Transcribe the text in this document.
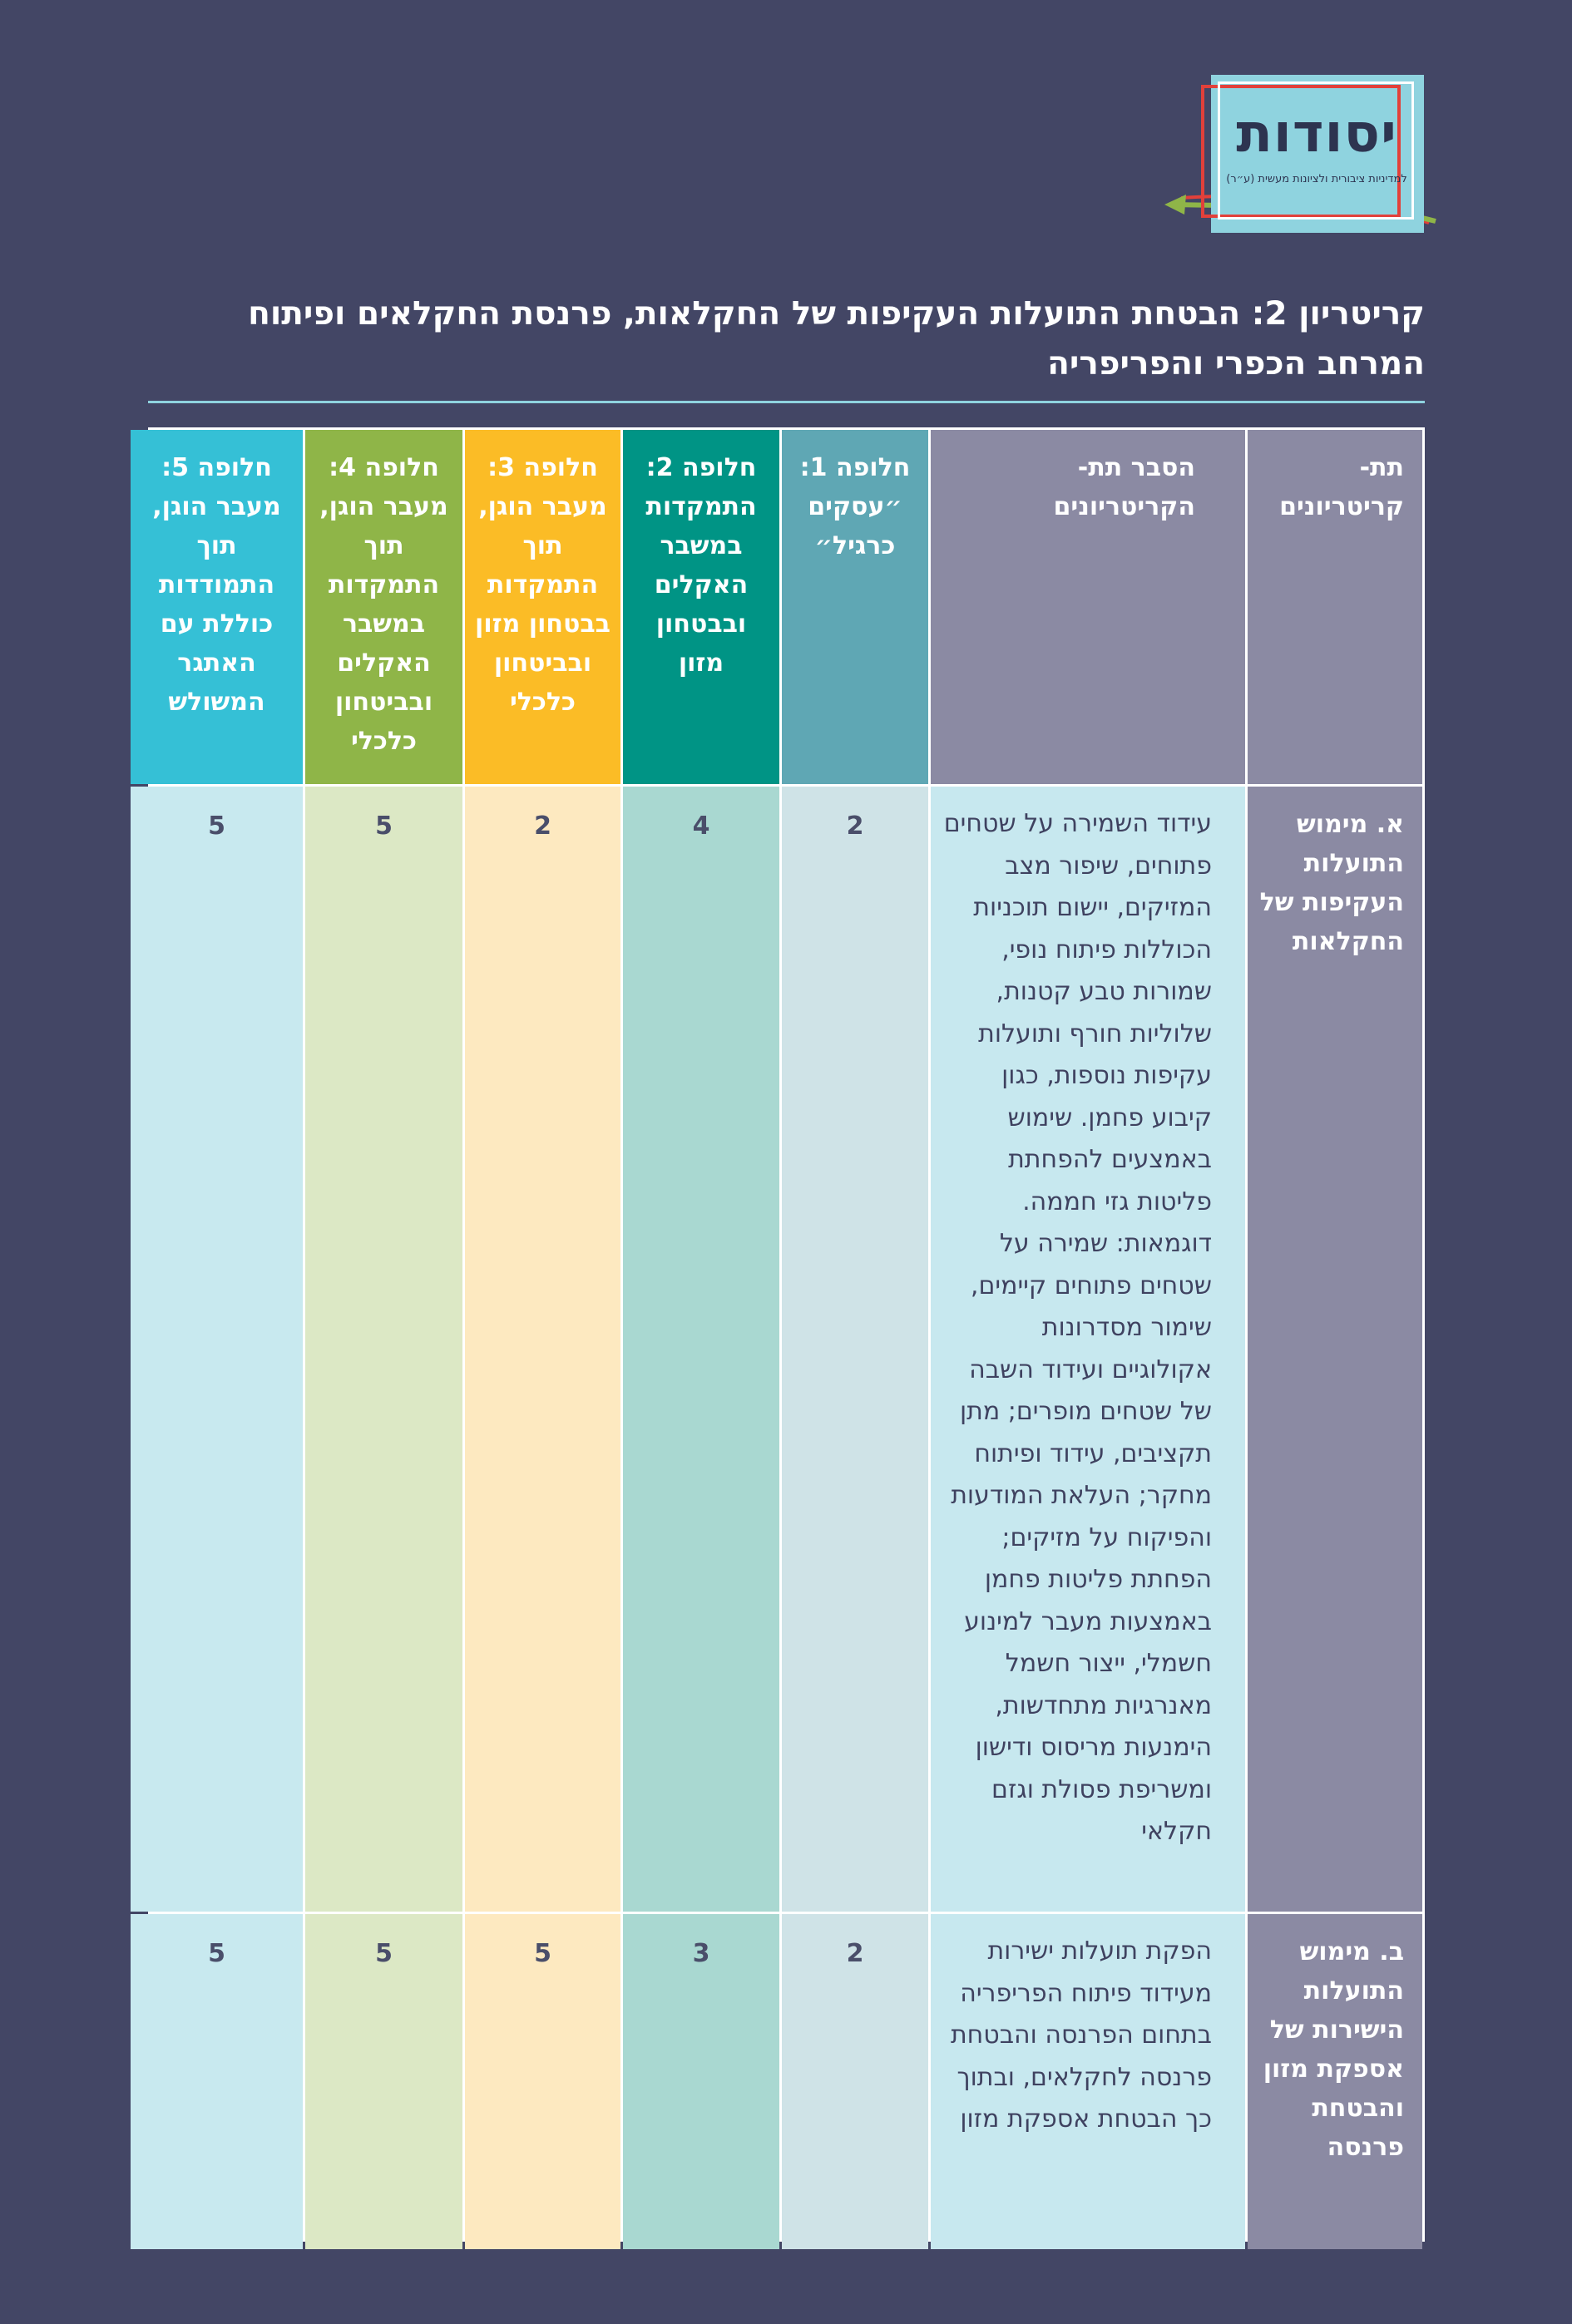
יסודות
למדיניות ציבורית ולציונות מעשית (ע״ר)
קריטריון 2: הבטחת התועלות העקיפות של החקלאות, פרנסת החקלאים ופיתוח המרחב הכפרי והפריפריה
תת- קריטריונים
הסבר תת- הקריטריונים
חלופה 1: ״עסקים כרגיל״
חלופה 2: התמקדות במשבר האקלים ובבטחון מזון
חלופה 3: מעבר הוגן, תוך התמקדות בבטחון מזון ובביטחון כלכלי
חלופה 4: מעבר הוגן, תוך התמקדות במשבר האקלים ובביטחון כלכלי
חלופה 5: מעבר הוגן, תוך התמודדות כוללת עם האתגר המשולש
א. מימוש התועלות העקיפות של החקלאות
עידוד השמירה על שטחים פתוחים, שיפור מצב המזיקים, יישום תוכניות הכוללות פיתוח נופי, שמורות טבע קטנות, שלוליות חורף ותועלות עקיפות נוספות, כגון קיבוע פחמן. שימוש באמצעים להפחתת פליטות גזי חממה. דוגמאות: שמירה על שטחים פתוחים קיימים, שימור מסדרונות אקולוגיים ועידוד השבה של שטחים מופרים; מתן תקציבים, עידוד ופיתוח מחקר; העלאת המודעות והפיקוח על מזיקים; הפחתת פליטות פחמן באמצעות מעבר למינוע חשמלי, ייצור חשמל מאנרגיות מתחדשות, הימנעות מריסוס ודישון ומשריפת פסולת וגזם חקלאי
2
4
2
5
5
ב. מימוש התועלות הישירות של אספקת מזון והבטחת פרנסה
הפקת תועלות ישירות מעידוד פיתוח הפריפריה בתחום הפרנסה והבטחת פרנסה לחקלאים, ובתוך כך הבטחת אספקת מזון
2
3
5
5
5
